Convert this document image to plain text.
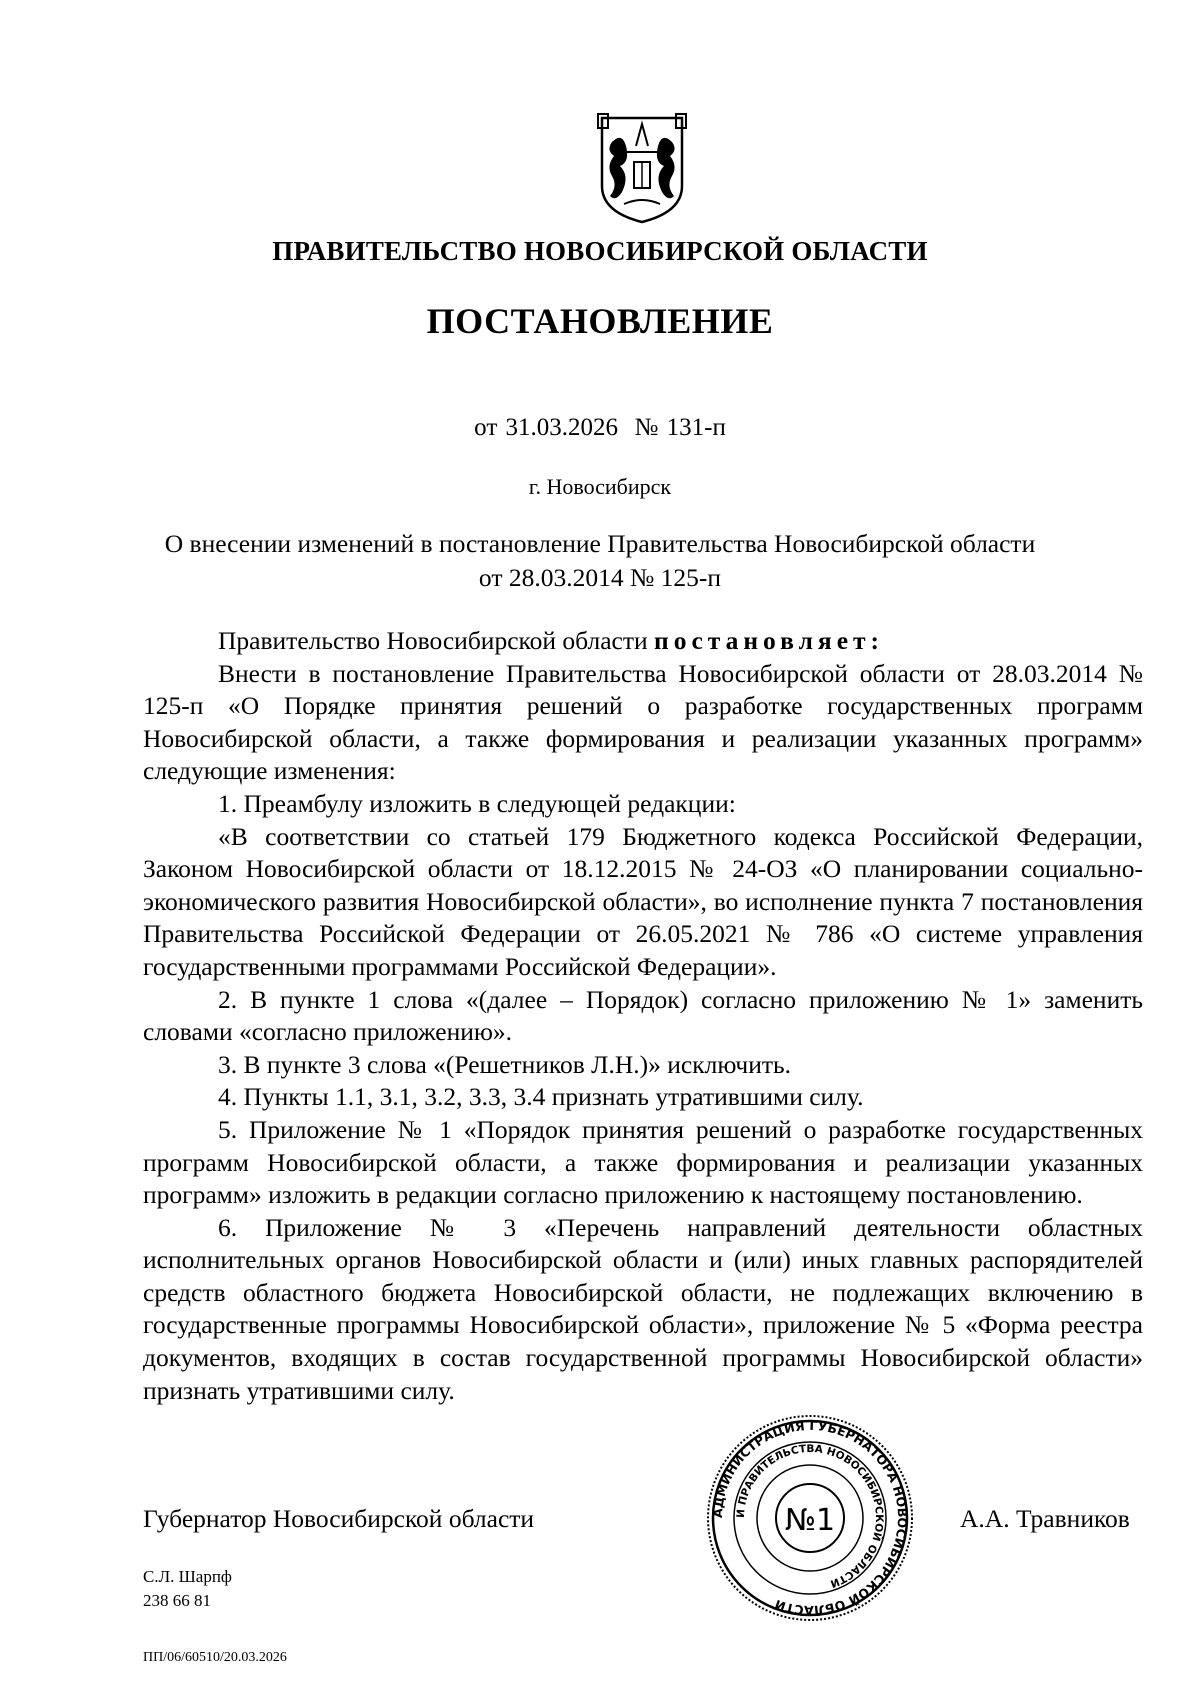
ПРАВИТЕЛЬСТВО НОВОСИБИРСКОЙ ОБЛАСТИ
ПОСТАНОВЛЕНИЕ
от 31.03.2026  № 131-п
г. Новосибирск
О внесении изменений в постановление Правительства Новосибирской области
от 28.03.2014 № 125-п

Правительство Новосибирской области постановляет:

Внести в постановление Правительства Новосибирской области от 28.03.2014 № 125-п «О Порядке принятия решений о разработке государственных программ Новосибирской области, а также формирования и реализации указанных программ» следующие изменения:

1. Преамбулу изложить в следующей редакции:

«В соответствии со статьей 179 Бюджетного кодекса Российской Федерации, Законом Новосибирской области от 18.12.2015 № 24-ОЗ «О планировании социально-экономического развития Новосибирской области», во исполнение пункта 7 постановления Правительства Российской Федерации от 26.05.2021 № 786 «О системе управления государственными программами Российской Федерации».

2. В пункте 1 слова «(далее – Порядок) согласно приложению № 1» заменить словами «согласно приложению».

3. В пункте 3 слова «(Решетников Л.Н.)» исключить.

4. Пункты 1.1, 3.1, 3.2, 3.3, 3.4 признать утратившими силу.

5. Приложение № 1 «Порядок принятия решений о разработке государственных программ Новосибирской области, а также формирования и реализации указанных программ» изложить в редакции согласно приложению к настоящему постановлению.

6. Приложение № 3 «Перечень направлений деятельности областных исполнительных органов Новосибирской области и (или) иных главных распорядителей средств областного бюджета Новосибирской области, не подлежащих включению в государственные программы Новосибирской области», приложение № 5 «Форма реестра документов, входящих в состав государственной программы Новосибирской области» признать утратившими силу.

Губернатор Новосибирской области	А.А. Травников
АДМИНИСТРАЦИЯ ГУБЕРНАТОРА НОВОСИБИРСКОЙ ОБЛАСТИ
И ПРАВИТЕЛЬСТВА НОВОСИБИРСКОЙ ОБЛАСТИ
№1
С.Л. Шарпф
238 66 81
ПП/06/60510/20.03.2026
